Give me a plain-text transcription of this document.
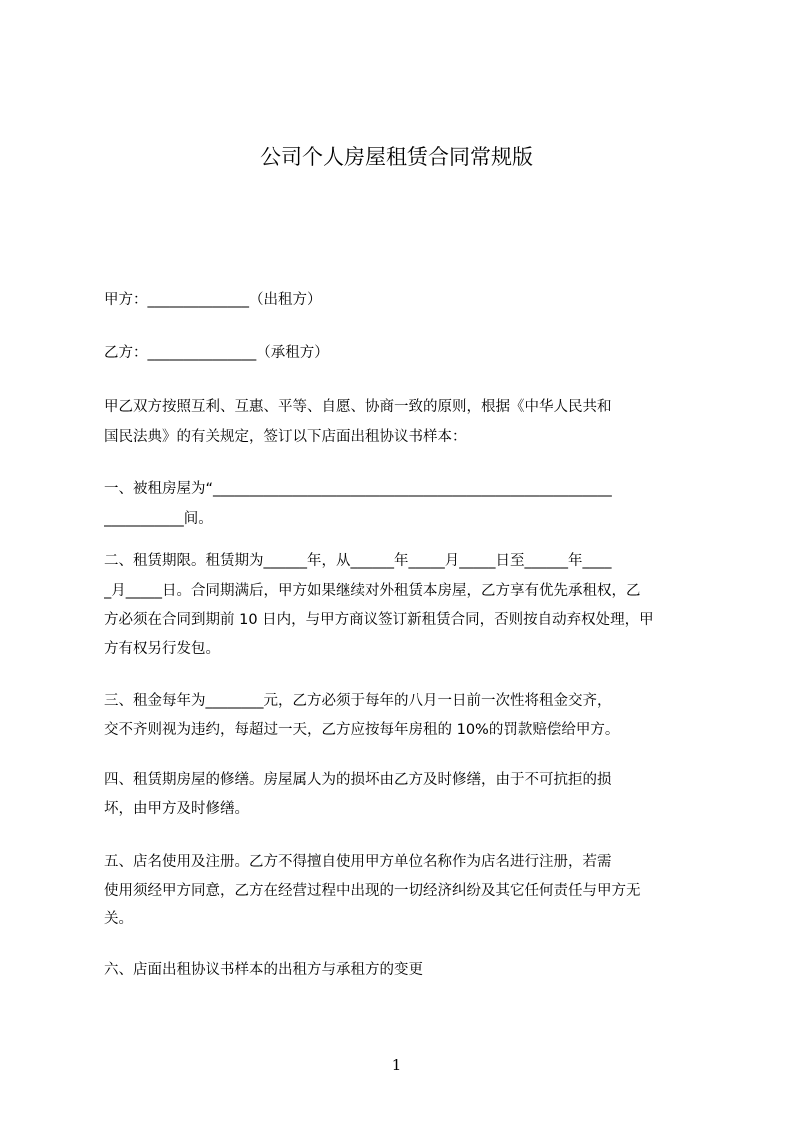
公司个人房屋租赁合同常规版
甲方：______________（出租方）
乙方：_______________（承租方）
甲乙双方按照互利、互惠、平等、自愿、协商一致的原则，根据《中华人民共和
国民法典》的有关规定，签订以下店面出租协议书样本：
一、被租房屋为“_______________________________________________________
___________间。
二、租赁期限。租赁期为______年，从______年_____月_____日至______年____
_月_____日。合同期满后，甲方如果继续对外租赁本房屋，乙方享有优先承租权，乙
方必须在合同到期前 10 日内，与甲方商议签订新租赁合同，否则按自动弃权处理，甲
方有权另行发包。
三、租金每年为________元，乙方必须于每年的八月一日前一次性将租金交齐，
交不齐则视为违约，每超过一天，乙方应按每年房租的 10%的罚款赔偿给甲方。
四、租赁期房屋的修缮。房屋属人为的损坏由乙方及时修缮，由于不可抗拒的损
坏，由甲方及时修缮。
五、店名使用及注册。乙方不得擅自使用甲方单位名称作为店名进行注册，若需
使用须经甲方同意，乙方在经营过程中出现的一切经济纠纷及其它任何责任与甲方无
关。
六、店面出租协议书样本的出租方与承租方的变更
1
